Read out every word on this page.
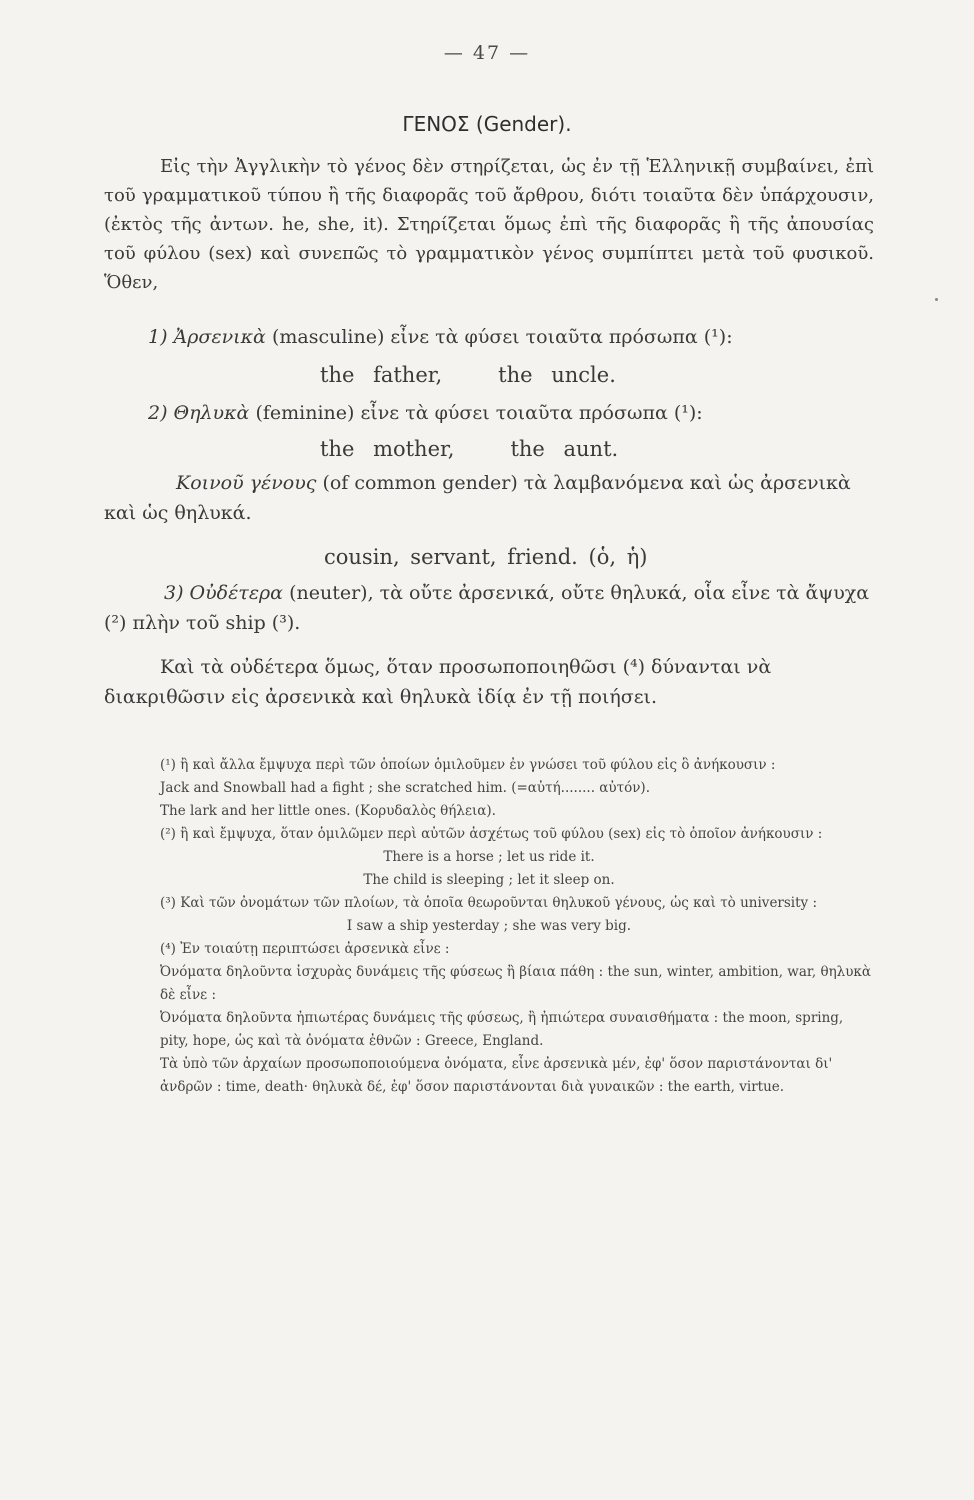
— 47 —
ΓΕΝΟΣ (Gender).
Εἰς τὴν Ἀγγλικὴν τὸ γένος δὲν στηρίζεται, ὡς ἐν τῇ Ἑλληνικῇ συμβαίνει, ἐπὶ τοῦ γραμματικοῦ τύπου ἢ τῆς διαφορᾶς τοῦ ἄρθρου, διότι τοιαῦτα δὲν ὑπάρχουσιν, (ἐκτὸς τῆς ἀντων. he, she, it). Στηρίζεται ὅμως ἐπὶ τῆς διαφορᾶς ἢ τῆς ἀπουσίας τοῦ φύλου (sex) καὶ συνεπῶς τὸ γραμματικὸν γένος συμπίπτει μετὰ τοῦ φυσικοῦ. Ὅθεν,
1) Ἀρσενικὰ (masculine) εἶνε τὰ φύσει τοιαῦτα πρόσωπα (¹):
the father,   the uncle.
2) Θηλυκὰ (feminine) εἶνε τὰ φύσει τοιαῦτα πρόσωπα (¹):
the mother,   the aunt.
Κοινοῦ γένους (of common gender) τὰ λαμβανόμενα καὶ ὡς ἀρσενικὰ καὶ ὡς θηλυκά.
cousin, servant, friend. (ὁ, ἡ)
3) Οὐδέτερα (neuter), τὰ οὔτε ἀρσενικά, οὔτε θηλυκά, οἷα εἶνε τὰ ἄψυχα (²) πλὴν τοῦ ship (³).
Καὶ τὰ οὐδέτερα ὅμως, ὅταν προσωποποιηθῶσι (⁴) δύνανται νὰ διακριθῶσιν εἰς ἀρσενικὰ καὶ θηλυκὰ ἰδίᾳ ἐν τῇ ποιήσει.
(¹) ἢ καὶ ἄλλα ἔμψυχα περὶ τῶν ὁποίων ὁμιλοῦμεν ἐν γνώσει τοῦ φύλου εἰς ὃ ἀνήκουσιν :
Jack and Snowball had a fight ; she scratched him. (=αὐτή........ αὐτόν).
The lark and her little ones. (Κορυδαλὸς θήλεια).
(²) ἢ καὶ ἔμψυχα, ὅταν ὁμιλῶμεν περὶ αὐτῶν ἀσχέτως τοῦ φύλου (sex) εἰς τὸ ὁποῖον ἀνήκουσιν :
There is a horse ; let us ride it.
The child is sleeping ; let it sleep on.
(³) Καὶ τῶν ὀνομάτων τῶν πλοίων, τὰ ὁποῖα θεωροῦνται θηλυκοῦ γένους, ὡς καὶ τὸ university :
I saw a ship yesterday ; she was very big.
(⁴) Ἐν τοιαύτῃ περιπτώσει ἀρσενικὰ εἶνε :
Ὀνόματα δηλοῦντα ἰσχυρὰς δυνάμεις τῆς φύσεως ἢ βίαια πάθη : the sun, winter, ambition, war, θηλυκὰ δὲ εἶνε :
Ὀνόματα δηλοῦντα ἠπιωτέρας δυνάμεις τῆς φύσεως, ἢ ἠπιώτερα συναισθήματα : the moon, spring, pity, hope, ὡς καὶ τὰ ὀνόματα ἐθνῶν : Greece, England.
Τὰ ὑπὸ τῶν ἀρχαίων προσωποποιούμενα ὀνόματα, εἶνε ἀρσενικὰ μέν, ἐφ' ὅσον παριστάνονται δι' ἀνδρῶν : time, death· θηλυκὰ δέ, ἐφ' ὅσον παριστάνονται διὰ γυναικῶν : the earth, virtue.
